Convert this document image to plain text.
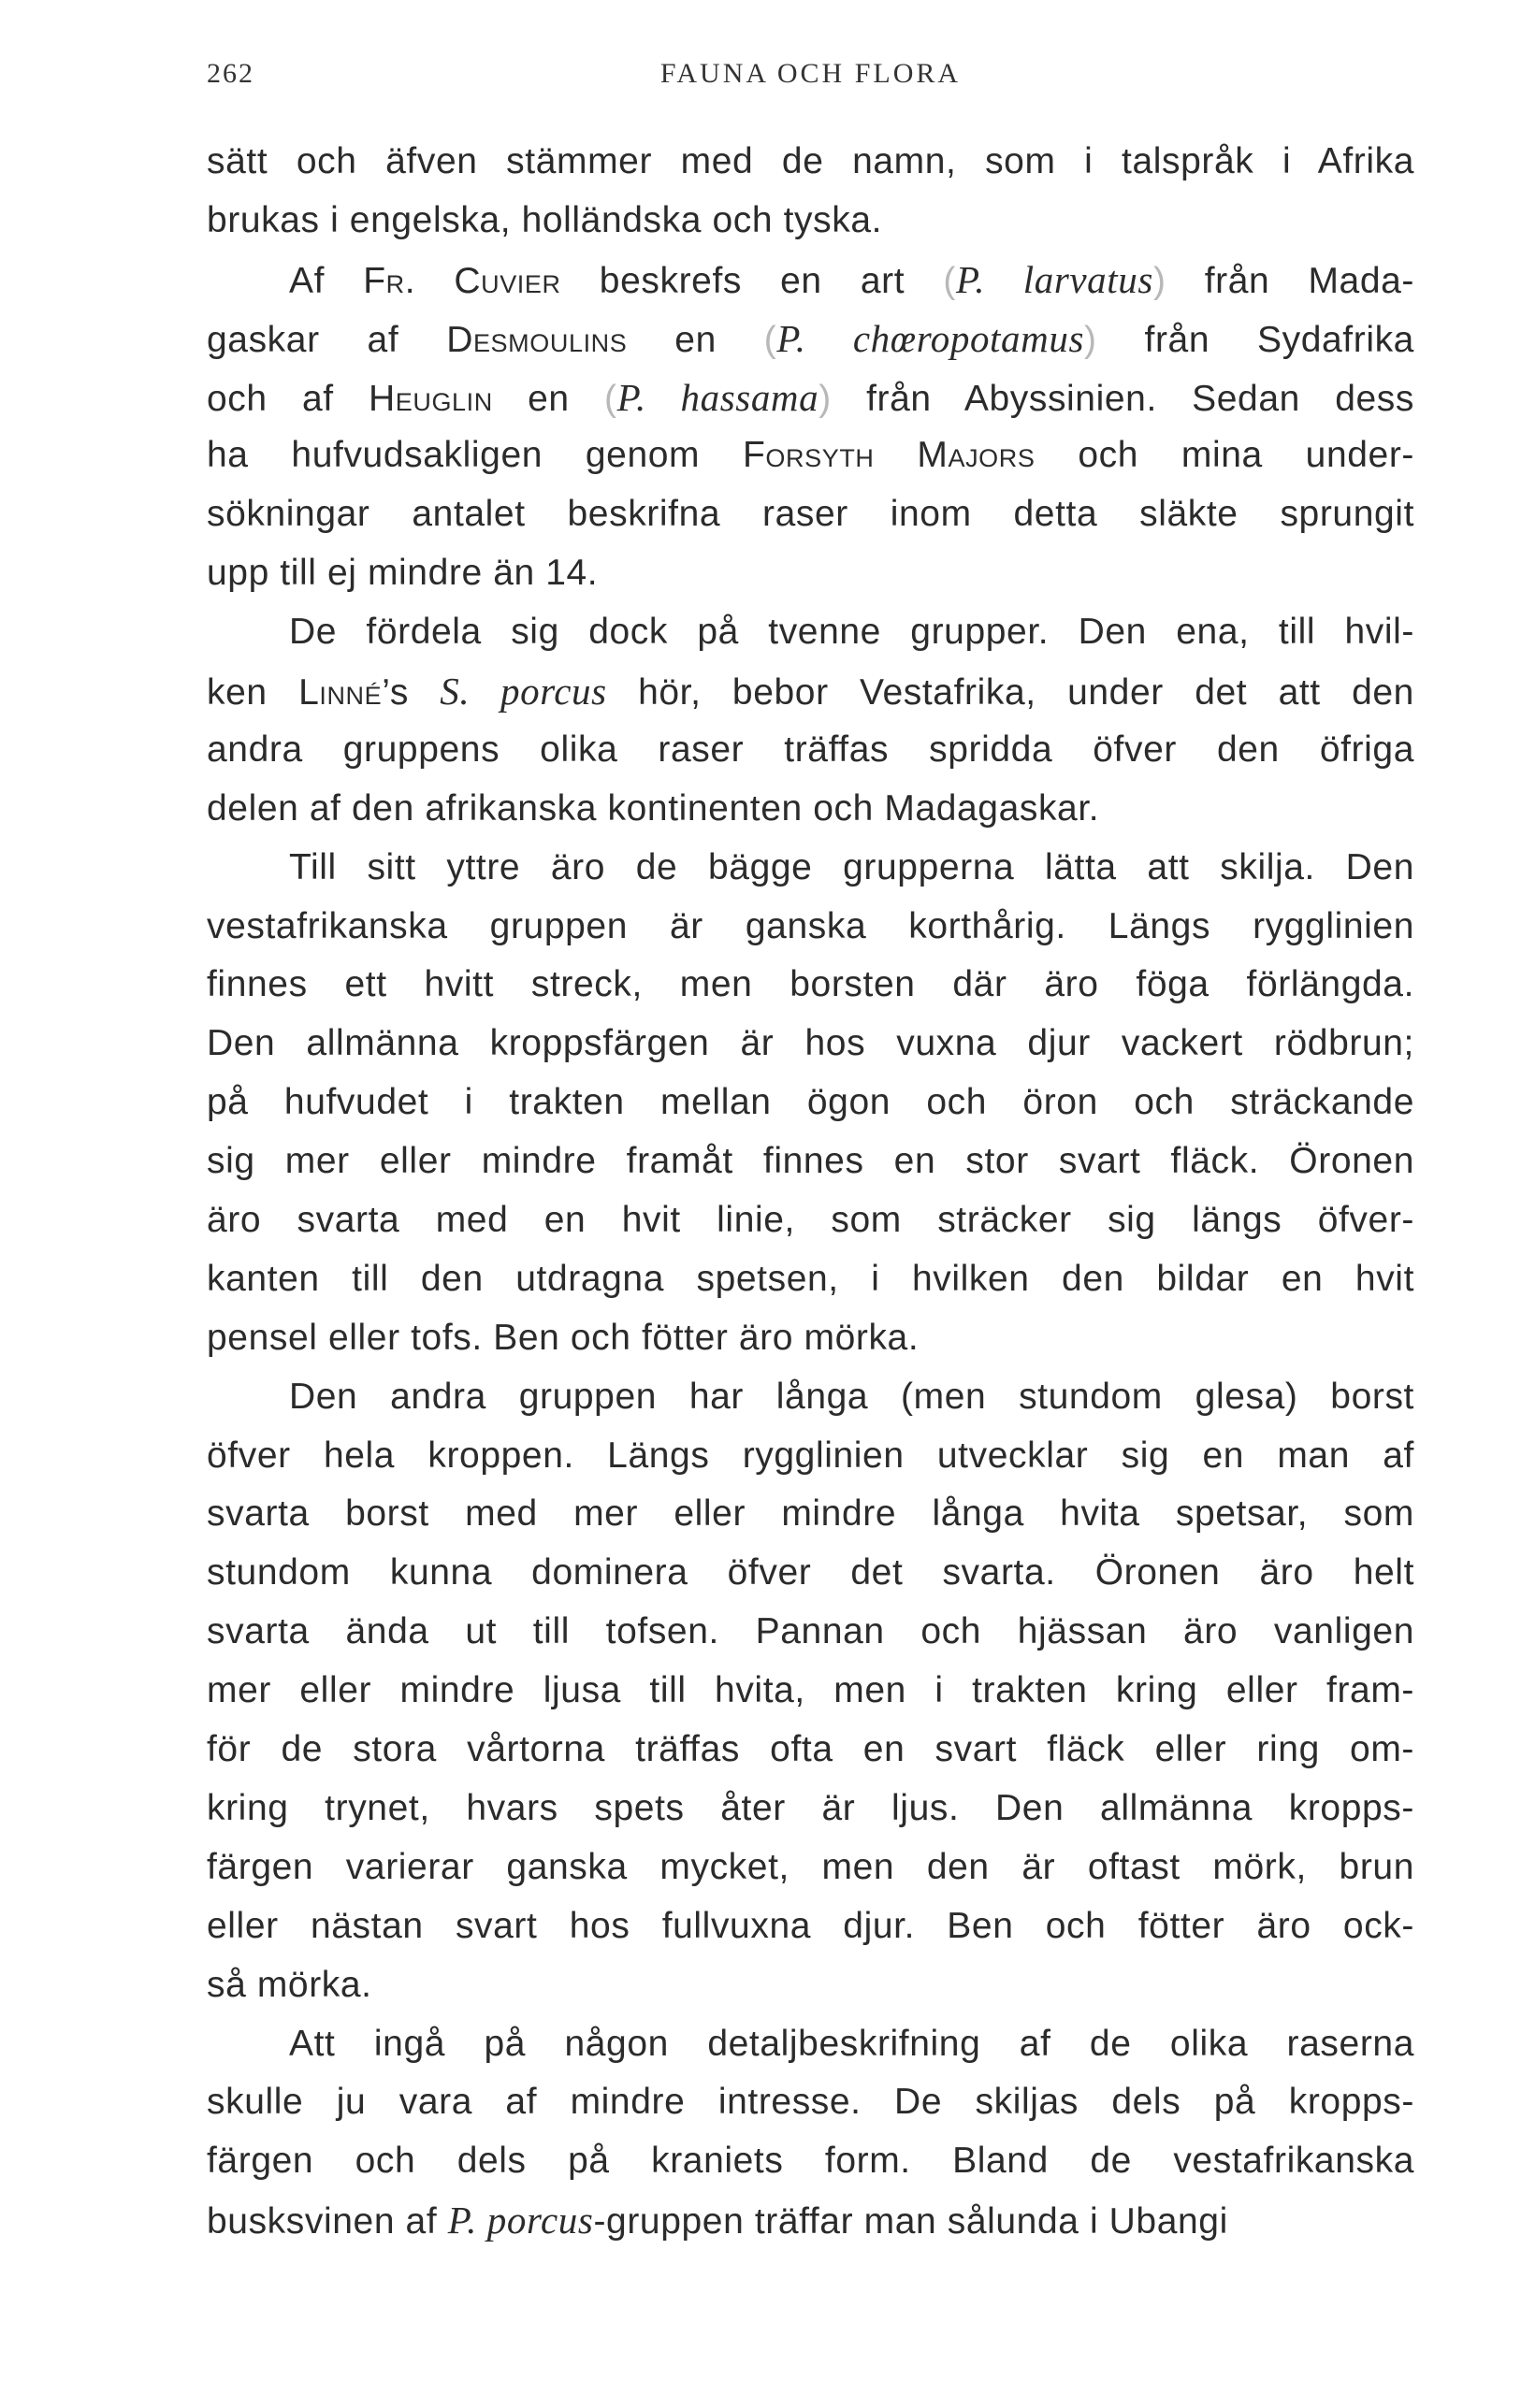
262	FAUNA OCH FLORA
sätt och äfven stämmer med de namn, som i talspråk i Afrika
brukas i engelska, holländska och tyska.
Af Fr. Cuvier beskrefs en art (P. larvatus) från Mada-
gaskar af Desmoulins en (P. chœropotamus) från Sydafrika
och af Heuglin en (P. hassama) från Abyssinien. Sedan dess
ha hufvudsakligen genom Forsyth Majors och mina under-
sökningar antalet beskrifna raser inom detta släkte sprungit
upp till ej mindre än 14.
De fördela sig dock på tvenne grupper. Den ena, till hvil-
ken Linné’s S. porcus hör, bebor Vestafrika, under det att den
andra gruppens olika raser träffas spridda öfver den öfriga
delen af den afrikanska kontinenten och Madagaskar.
Till sitt yttre äro de bägge grupperna lätta att skilja. Den
vestafrikanska gruppen är ganska korthårig. Längs rygglinien
finnes ett hvitt streck, men borsten där äro föga förlängda.
Den allmänna kroppsfärgen är hos vuxna djur vackert rödbrun;
på hufvudet i trakten mellan ögon och öron och sträckande
sig mer eller mindre framåt finnes en stor svart fläck. Öronen
äro svarta med en hvit linie, som sträcker sig längs öfver-
kanten till den utdragna spetsen, i hvilken den bildar en hvit
pensel eller tofs. Ben och fötter äro mörka.
Den andra gruppen har långa (men stundom glesa) borst
öfver hela kroppen. Längs rygglinien utvecklar sig en man af
svarta borst med mer eller mindre långa hvita spetsar, som
stundom kunna dominera öfver det svarta. Öronen äro helt
svarta ända ut till tofsen. Pannan och hjässan äro vanligen
mer eller mindre ljusa till hvita, men i trakten kring eller fram-
för de stora vårtorna träffas ofta en svart fläck eller ring om-
kring trynet, hvars spets åter är ljus. Den allmänna kropps-
färgen varierar ganska mycket, men den är oftast mörk, brun
eller nästan svart hos fullvuxna djur. Ben och fötter äro ock-
så mörka.
Att ingå på någon detaljbeskrifning af de olika raserna
skulle ju vara af mindre intresse. De skiljas dels på kropps-
färgen och dels på kraniets form. Bland de vestafrikanska
busksvinen af P. porcus-gruppen träffar man sålunda i Ubangi
